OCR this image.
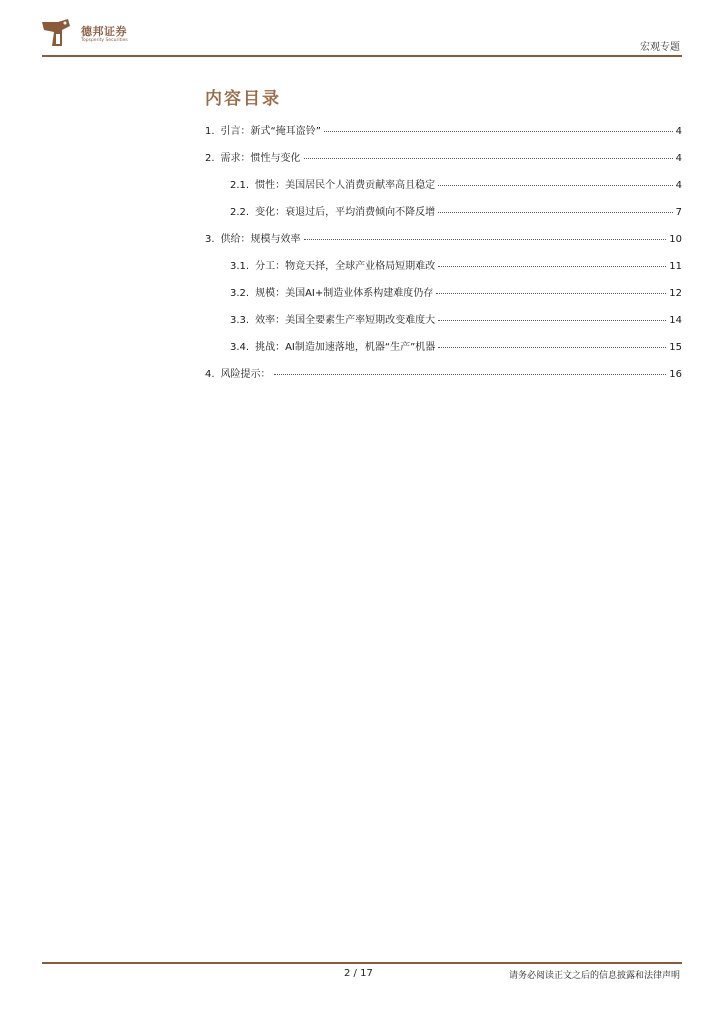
德邦证券
Topsperity Securities
宏观专题
内容目录
1. 引言：新式“掩耳盗铃”	4
2. 需求：惯性与变化	4
2.1. 惯性：美国居民个人消费贡献率高且稳定	4
2.2. 变化：衰退过后，平均消费倾向不降反增	7
3. 供给：规模与效率	10
3.1. 分工：物竞天择，全球产业格局短期难改	11
3.2. 规模：美国AI+制造业体系构建难度仍存	12
3.3. 效率：美国全要素生产率短期改变难度大	14
3.4. 挑战：AI制造加速落地，机器“生产”机器	15
4. 风险提示：	16
2 / 17	请务必阅读正文之后的信息披露和法律声明
